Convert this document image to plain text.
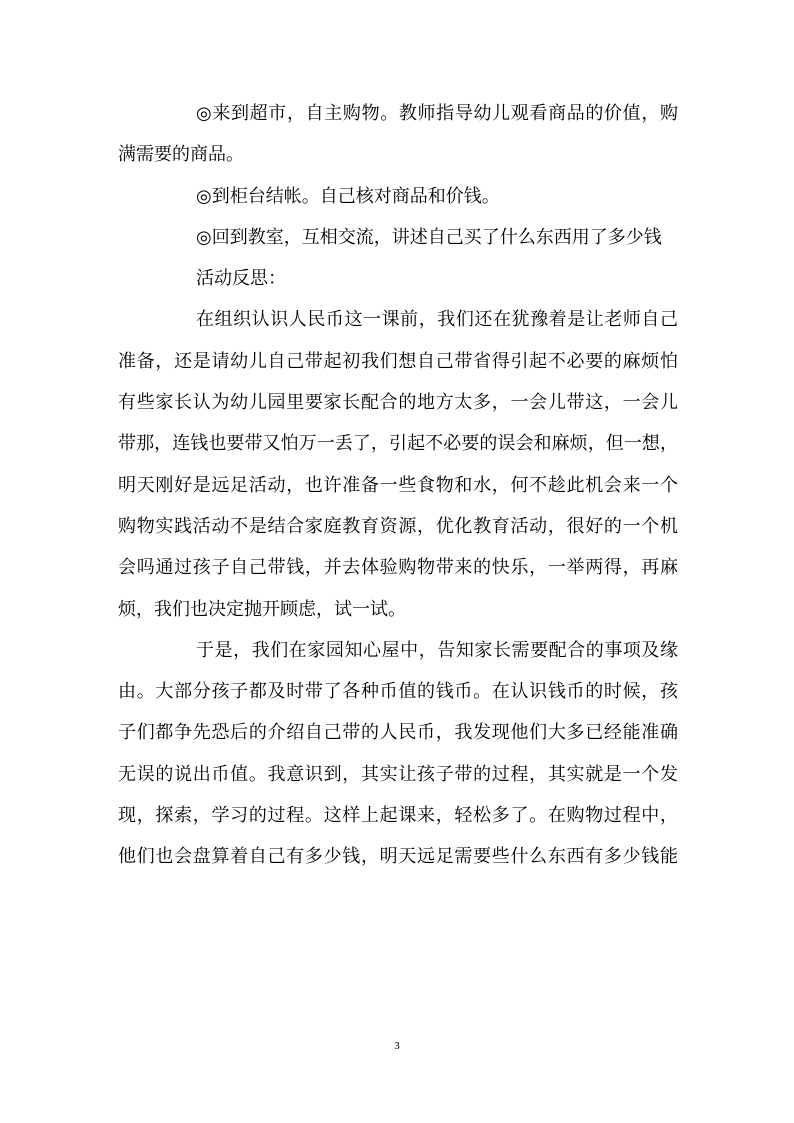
◎来到超市，自主购物。教师指导幼儿观看商品的价值，购
满需要的商品。
◎到柜台结帐。自己核对商品和价钱。
◎回到教室，互相交流，讲述自己买了什么东西用了多少钱
活动反思：
在组织认识人民币这一课前，我们还在犹豫着是让老师自己
准备，还是请幼儿自己带起初我们想自己带省得引起不必要的麻烦怕
有些家长认为幼儿园里要家长配合的地方太多，一会儿带这，一会儿
带那，连钱也要带又怕万一丢了，引起不必要的误会和麻烦，但一想，
明天刚好是远足活动，也许准备一些食物和水，何不趁此机会来一个
购物实践活动不是结合家庭教育资源，优化教育活动，很好的一个机
会吗通过孩子自己带钱，并去体验购物带来的快乐，一举两得，再麻
烦，我们也决定抛开顾虑，试一试。
于是，我们在家园知心屋中，告知家长需要配合的事项及缘
由。大部分孩子都及时带了各种币值的钱币。在认识钱币的时候，孩
子们都争先恐后的介绍自己带的人民币，我发现他们大多已经能准确
无误的说出币值。我意识到，其实让孩子带的过程，其实就是一个发
现，探索，学习的过程。这样上起课来，轻松多了。在购物过程中，
他们也会盘算着自己有多少钱，明天远足需要些什么东西有多少钱能
3
